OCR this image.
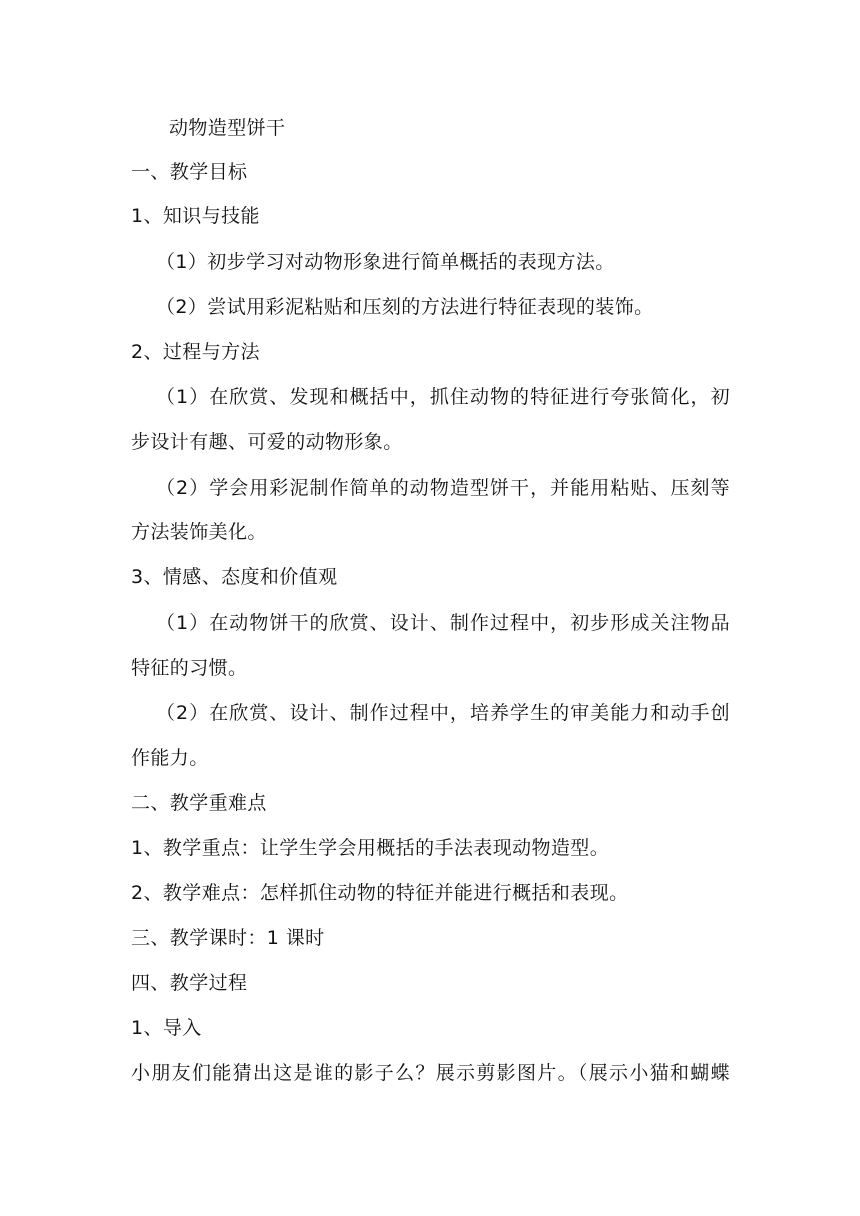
动物造型饼干
一、教学目标
1、知识与技能
（1）初步学习对动物形象进行简单概括的表现方法。
（2）尝试用彩泥粘贴和压刻的方法进行特征表现的装饰。
2、过程与方法
（1）在欣赏、发现和概括中，抓住动物的特征进行夸张简化，初
步设计有趣、可爱的动物形象。
（2）学会用彩泥制作简单的动物造型饼干，并能用粘贴、压刻等
方法装饰美化。
3、情感、态度和价值观
（1）在动物饼干的欣赏、设计、制作过程中，初步形成关注物品
特征的习惯。
（2）在欣赏、设计、制作过程中，培养学生的审美能力和动手创
作能力。
二、教学重难点
1、教学重点：让学生学会用概括的手法表现动物造型。
2、教学难点：怎样抓住动物的特征并能进行概括和表现。
三、教学课时：1 课时
四、教学过程
1、导入
小朋友们能猜出这是谁的影子么？展示剪影图片。（展示小猫和蝴蝶
